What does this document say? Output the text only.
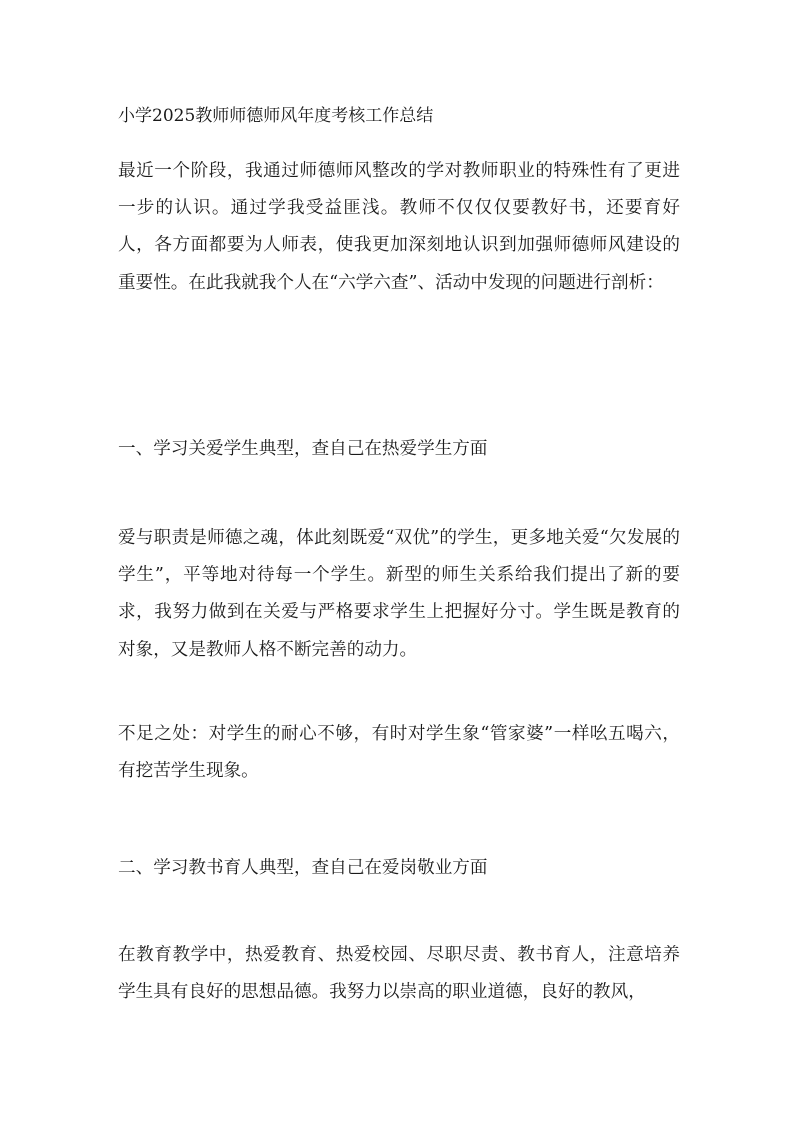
小学2025教师师德师风年度考核工作总结
最近一个阶段，我通过师德师风整改的学对教师职业的特殊性有了更进一步的认识。通过学我受益匪浅。教师不仅仅仅要教好书，还要育好人，各方面都要为人师表，使我更加深刻地认识到加强师德师风建设的重要性。在此我就我个人在“六学六查”、活动中发现的问题进行剖析：
一、学习关爱学生典型，查自己在热爱学生方面
爱与职责是师德之魂，体此刻既爱“双优”的学生，更多地关爱“欠发展的学生”，平等地对待每一个学生。新型的师生关系给我们提出了新的要求，我努力做到在关爱与严格要求学生上把握好分寸。学生既是教育的对象，又是教师人格不断完善的动力。
不足之处：对学生的耐心不够，有时对学生象“管家婆”一样吆五喝六，有挖苦学生现象。
二、学习教书育人典型，查自己在爱岗敬业方面
在教育教学中，热爱教育、热爱校园、尽职尽责、教书育人，注意培养学生具有良好的思想品德。我努力以崇高的职业道德，良好的教风，
